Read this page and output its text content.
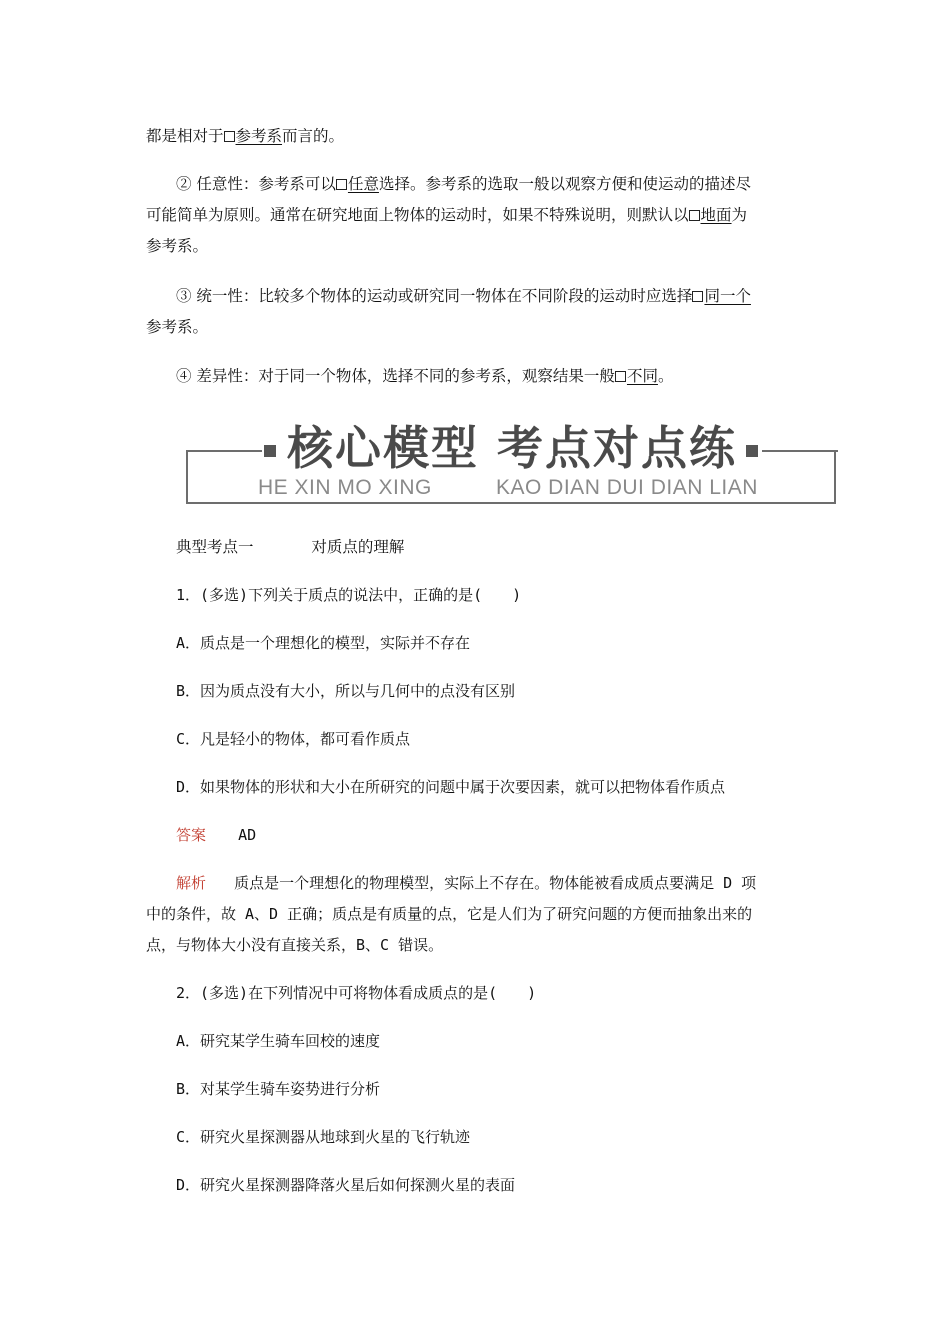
都是相对于 参考系而言的。
② 任意性：参考系可以 任意选择。参考系的选取一般以观察方便和使运动的描述尽
可能简单为原则。通常在研究地面上物体的运动时，如果不特殊说明，则默认以 地面为
参考系。
③ 统一性：比较多个物体的运动或研究同一物体在不同阶段的运动时应选择 同一个
参考系。
④ 差异性：对于同一个物体，选择不同的参考系，观察结果一般 不同。
核心模型 考点对点练
HE XIN MO XING	KAO DIAN DUI DIAN LIAN
典型考点一	对质点的理解
1．(多选)下列关于质点的说法中，正确的是(　　)
A．质点是一个理想化的模型，实际并不存在
B．因为质点没有大小，所以与几何中的点没有区别
C．凡是轻小的物体，都可看作质点
D．如果物体的形状和大小在所研究的问题中属于次要因素，就可以把物体看作质点
答案 AD
解析 质点是一个理想化的物理模型，实际上不存在。物体能被看成质点要满足 D 项
中的条件，故 A、D 正确；质点是有质量的点，它是人们为了研究问题的方便而抽象出来的
点，与物体大小没有直接关系，B、C 错误。
2．(多选)在下列情况中可将物体看成质点的是(　　)
A．研究某学生骑车回校的速度
B．对某学生骑车姿势进行分析
C．研究火星探测器从地球到火星的飞行轨迹
D．研究火星探测器降落火星后如何探测火星的表面
